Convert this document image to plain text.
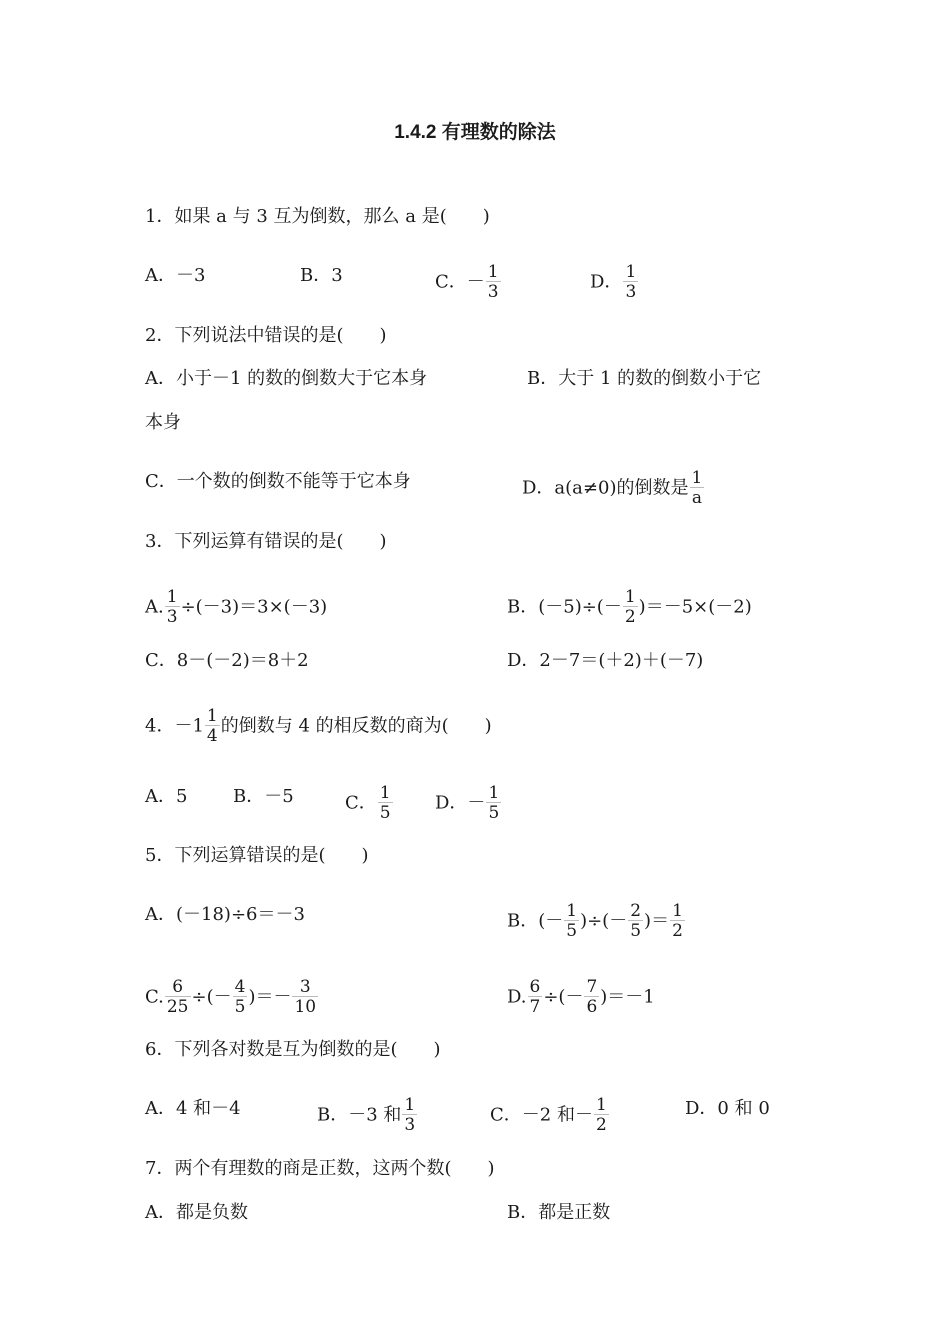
1.4.2 有理数的除法
1．如果 a 与 3 互为倒数，那么 a 是(　　)
A．－3	B．3	C．－ $\frac{1}{3}$	D． $\frac{1}{3}$
2．下列说法中错误的是(　　)
A．小于－1 的数的倒数大于它本身	B．大于 1 的数的倒数小于它
本身
C．一个数的倒数不能等于它本身	D．a(a≠0)的倒数是 $\frac{1}{a}$
3．下列运算有错误的是(　　)
A. $\frac{1}{3} \div(-3)=3\times(-3)$	B．$(-5)\div(- \frac{1}{2} )=-5\times(-2)$
C．8－(－2)＝8＋2	D．2－7＝(＋2)＋(－7)
4．$-1 \frac{1}{4}$ 的倒数与 4 的相反数的商为(　　)
A．5	B．－5	C． $\frac{1}{5}$ D．－ $\frac{1}{5}$
5．下列运算错误的是(　　)
A．(－18)÷6＝－3	B．(－ $\frac{1}{5}$ )÷(－ $\frac{2}{5}$ )＝ $\frac{1}{2}$
C. $\frac{6}{25}$ ÷(－ $\frac{4}{5}$ )＝－ $\frac{3}{10}$	D. $\frac{6}{7}$ ÷(－ $\frac{7}{6} )=-1$
6．下列各对数是互为倒数的是(　　)
A．4 和－4	B．－3 和 $\frac{1}{3}$	C．－2 和－ $\frac{1}{2}$	D．0 和 0
7．两个有理数的商是正数，这两个数(　　)
A．都是负数	B．都是正数
